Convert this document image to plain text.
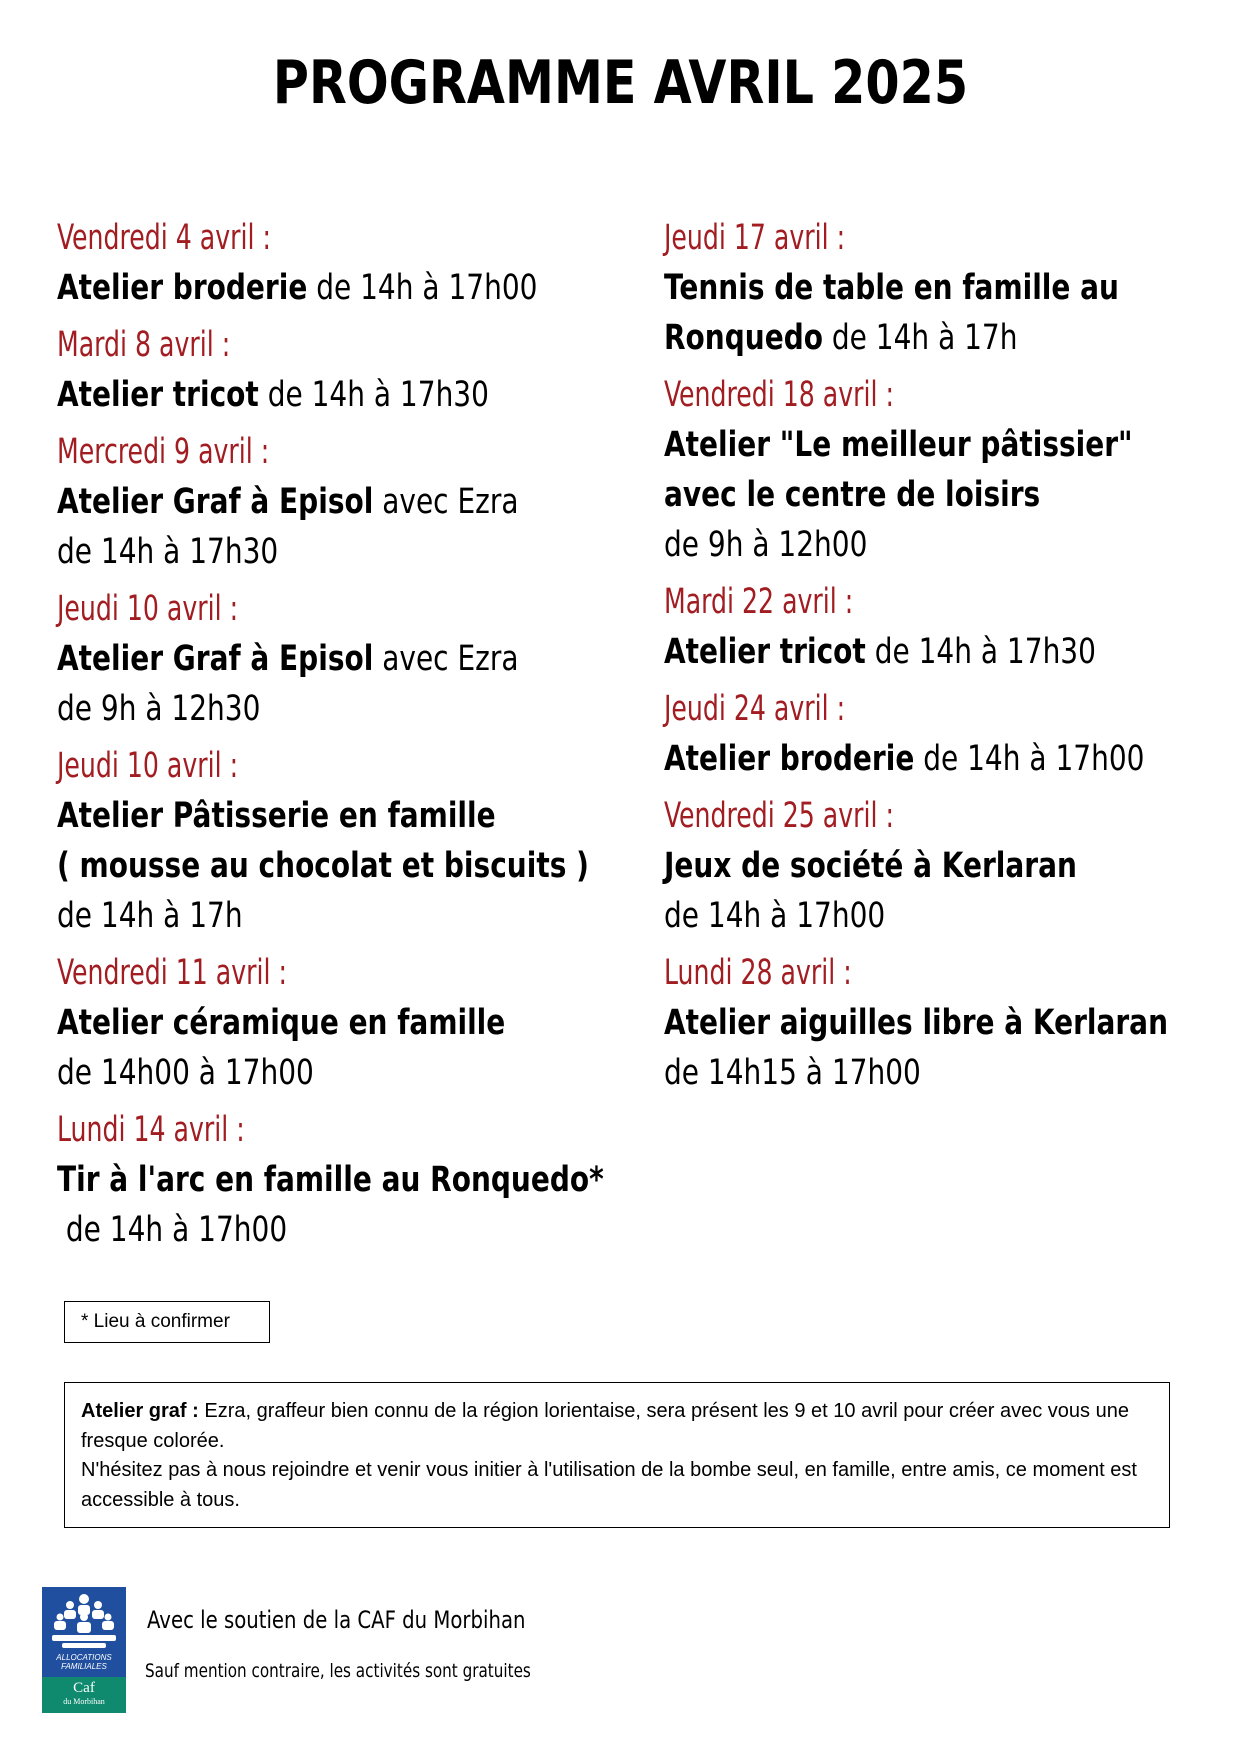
PROGRAMME AVRIL 2025
Vendredi 4 avril :
Atelier broderie de 14h à 17h00
Mardi 8 avril :
Atelier tricot de 14h à 17h30
Mercredi 9 avril :
Atelier Graf à Episol avec Ezra
de 14h à 17h30
Jeudi 10 avril :
Atelier Graf à Episol avec Ezra
de 9h à 12h30
Jeudi 10 avril :
Atelier Pâtisserie en famille
( mousse au chocolat et biscuits )
de 14h à 17h
Vendredi 11 avril :
Atelier céramique en famille
de 14h00 à 17h00
Lundi 14 avril :
Tir à l'arc en famille au Ronquedo*
de 14h à 17h00
Jeudi 17 avril :
Tennis de table en famille au
Ronquedo de 14h à 17h
Vendredi 18 avril :
Atelier "Le meilleur pâtissier"
avec le centre de loisirs
de 9h à 12h00
Mardi 22 avril :
Atelier tricot de 14h à 17h30
Jeudi 24 avril :
Atelier broderie de 14h à 17h00
Vendredi 25 avril :
Jeux de société à Kerlaran
de 14h à 17h00
Lundi 28 avril :
Atelier aiguilles libre à Kerlaran
de 14h15 à 17h00
* Lieu à confirmer
Atelier graf : Ezra, graffeur bien connu de la région lorientaise, sera présent les 9 et 10 avril pour créer avec vous une fresque colorée.
N'hésitez pas à nous rejoindre et venir vous initier à l'utilisation de la bombe seul, en famille, entre amis, ce moment est accessible à tous.
ALLOCATIONS
FAMILIALES
Caf
du Morbihan
Avec le soutien de la CAF du Morbihan
Sauf mention contraire, les activités sont gratuites
